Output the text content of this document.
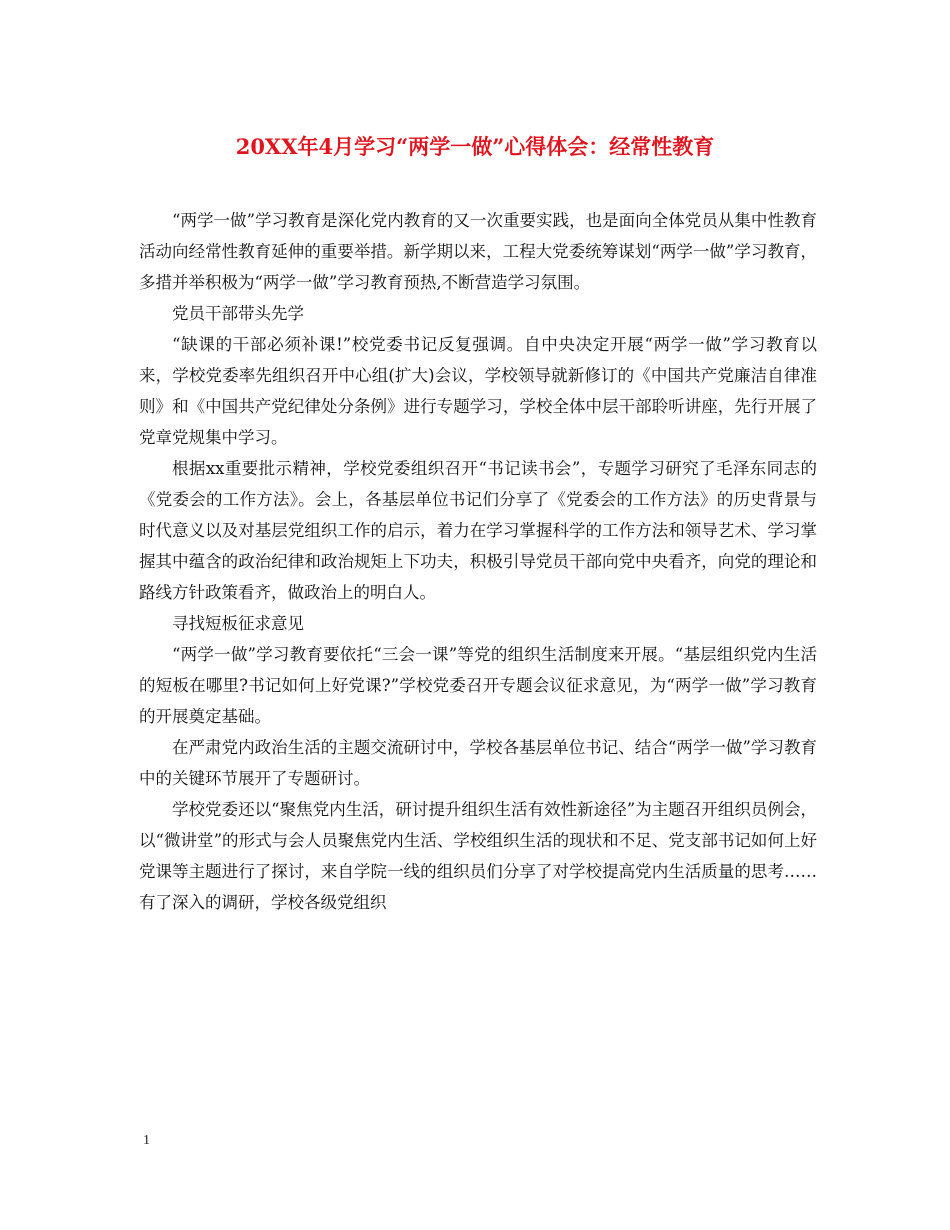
20XX年4月学习“两学一做”心得体会：经常性教育

“两学一做”学习教育是深化党内教育的又一次重要实践，也是面向全体党员从集中性教育活动向经常性教育延伸的重要举措。新学期以来，工程大党委统筹谋划“两学一做”学习教育，多措并举积极为“两学一做”学习教育预热,不断营造学习氛围。

党员干部带头先学

“缺课的干部必须补课!”校党委书记反复强调。自中央决定开展“两学一做”学习教育以来，学校党委率先组织召开中心组(扩大)会议，学校领导就新修订的《中国共产党廉洁自律准则》和《中国共产党纪律处分条例》进行专题学习，学校全体中层干部聆听讲座，先行开展了党章党规集中学习。

根据xx重要批示精神，学校党委组织召开“书记读书会”，专题学习研究了毛泽东同志的《党委会的工作方法》。会上，各基层单位书记们分享了《党委会的工作方法》的历史背景与时代意义以及对基层党组织工作的启示，着力在学习掌握科学的工作方法和领导艺术、学习掌握其中蕴含的政治纪律和政治规矩上下功夫，积极引导党员干部向党中央看齐，向党的理论和路线方针政策看齐，做政治上的明白人。

寻找短板征求意见

“两学一做”学习教育要依托“三会一课”等党的组织生活制度来开展。“基层组织党内生活的短板在哪里?书记如何上好党课?”学校党委召开专题会议征求意见，为“两学一做”学习教育的开展奠定基础。

在严肃党内政治生活的主题交流研讨中，学校各基层单位书记、结合“两学一做”学习教育中的关键环节展开了专题研讨。

学校党委还以“聚焦党内生活，研讨提升组织生活有效性新途径”为主题召开组织员例会，以“微讲堂”的形式与会人员聚焦党内生活、学校组织生活的现状和不足、党支部书记如何上好党课等主题进行了探讨，来自学院一线的组织员们分享了对学校提高党内生活质量的思考……有了深入的调研，学校各级党组织

1
